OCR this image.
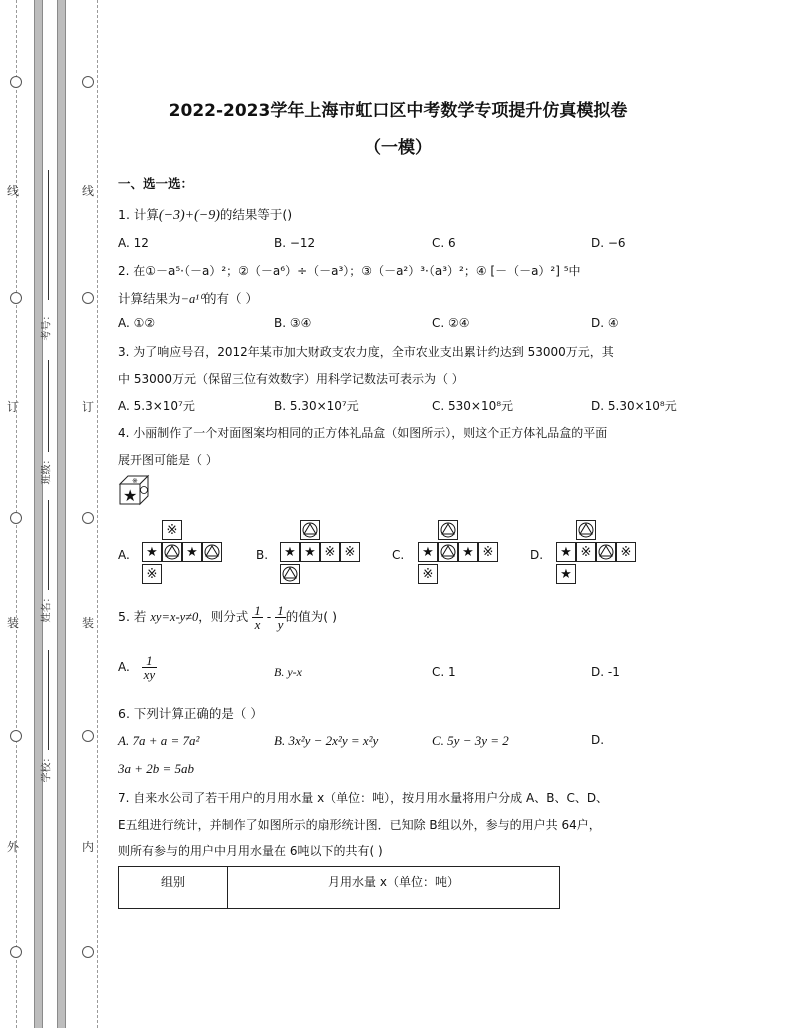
线
订
装
外
线
订
装
内
考号：
班级：
姓名：
学校：
2022-2023学年上海市虹口区中考数学专项提升仿真模拟卷
（一模）
一、选一选：
1. 计算(−3)+(−9)的结果等于()
A. 12	B. −12	C. 6	D. −6
2. 在①－a⁵·（－a）²；②（－a⁶）÷（－a³）；③（－a²）³·（a³）²；④ [－（－a）²] ⁵中
计算结果为−a¹⁰的有（ ）
A. ①②	B. ③④	C. ②④	D. ④
3. 为了响应号召，2012年某市加大财政支农力度，全市农业支出累计约达到 53000万元，其
中 53000万元（保留三位有效数字）用科学记数法可表示为（ ）
A. 5.3×10⁷元	B. 5.30×10⁷元	C. 530×10⁸元	D. 5.30×10⁸元
4. 小丽制作了一个对面图案均相同的正方体礼品盒（如图所示），则这个正方体礼品盒的平面
展开图可能是（ ）
★
※
A.	B.	C.	D.
※
★	★
※
★ ★ ※ ※	★	★ ※
※
★ ※	※
★
5. 若 xy=x-y≠0，则分式 $\frac{1}{x} - \frac{1}{y}$ 的值为( )
A. $\frac{1}{xy}$	B. y-x	C. 1	D. -1
6. 下列计算正确的是（ ）
A. 7a + a = 7a²	B. 3x²y − 2x²y = x²y	C. 5y − 3y = 2	D.
3a + 2b = 5ab
7. 自来水公司了若干用户的月用水量 x（单位：吨），按月用水量将用户分成 A、B、C、D、
E五组进行统计，并制作了如图所示的扇形统计图．已知除 B组以外，参与的用户共 64户，
则所有参与的用户中月用水量在 6吨以下的共有( )
组别	月用水量 x（单位：吨）
